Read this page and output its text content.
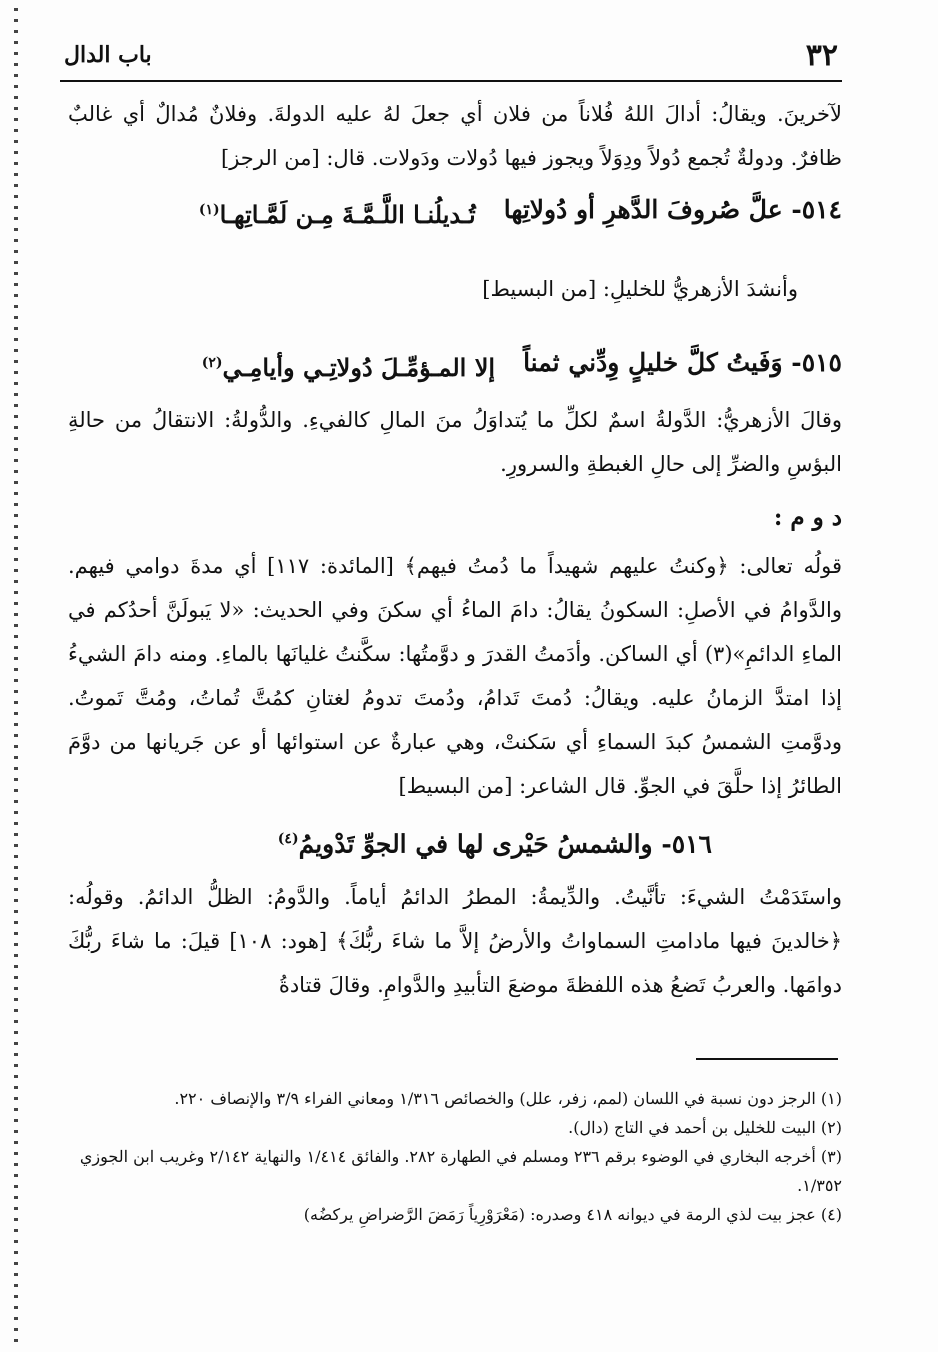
٣٢
باب الدال

لآخرينَ. ويقالُ: أدالَ اللهُ فُلاناً من فلان أي جعلَ لهُ عليه الدولةَ. وفلانٌ مُدالٌ أي غالبٌ ظافرٌ. ودولةٌ تُجمع دُولاً ودِوَلاً ويجوز فيها دُولات ودَولات. قال: [من الرجز]

٥١٤- علَّ صُروفَ الدَّهرِ أو دُولاتِها
تُـديلُنـا اللَّـمَّـةَ مِـن لَمَّـاتِهـا$^{(١)}$

وأنشدَ الأزهريُّ للخليلِ: [من البسيط]

٥١٥- وَفَيتُ كلَّ خليلٍ وِدِّني ثمناً
إلا المـؤمِّـلَ دُولاتِـي وأيامِـي$^{(٢)}$

وقالَ الأزهريُّ: الدَّولةُ اسمٌ لكلِّ ما يُتداوَلُ منَ المالِ كالفيءِ. والدُّولةُ: الانتقالُ من حالةِ البؤسِ والضرِّ إلى حالِ الغبطةِ والسرورِ.

د و م :

قولُه تعالى: ﴿وكنتُ عليهم شهيداً ما دُمتُ فيهم﴾ [المائدة: ١١٧] أي مدةَ دوامي فيهم. والدَّوامُ في الأصلِ: السكونُ يقالُ: دامَ الماءُ أي سكنَ وفي الحديث: «لا يَبولَنَّ أحدُكم في الماءِ الدائمِ»(٣) أي الساكن. وأدَمتُ القدرَ و دوَّمتُها: سكَّنتُ غليانَها بالماءِ. ومنه دامَ الشيءُ إذا امتدَّ الزمانُ عليه. ويقالُ: دُمتَ تَدامُ، ودُمتَ تدومُ لغتانِ كمُتَّ تُماتُ، ومُتَّ تَموتُ. ودوَّمتِ الشمسُ كبدَ السماءِ أي سَكنتْ، وهي عبارةٌ عن استوائها أو عن جَريانها من دوَّمَ الطائرُ إذا حلَّقَ في الجوِّ. قال الشاعر: [من البسيط]

٥١٦- والشمسُ حَيْرى لها في الجوِّ تَدْويمُ$^{(٤)}$

واستَدَمْتُ الشيءَ: تأنَّيتُ. والدِّيمةُ: المطرُ الدائمُ أياماً. والدَّومُ: الظلُّ الدائمُ. وقولُه: ﴿خالدينَ فيها مادامتِ السماواتُ والأرضُ إلاَّ ما شاءَ ربُّكَ﴾ [هود: ١٠٨] قيلَ: ما شاءَ ربُّكَ دوامَها. والعربُ تَضعُ هذه اللفظةَ موضعَ التأبيدِ والدَّوامِ. وقالَ قتادةُ

(١) الرجز دون نسبة في اللسان (لمم، زفر، علل) والخصائص ١/٣١٦ ومعاني الفراء ٣/٩ والإنصاف ٢٢٠.

(٢) البيت للخليل بن أحمد في التاج (دال).

(٣) أخرجه البخاري في الوضوء برقم ٢٣٦ ومسلم في الطهارة ٢٨٢. والفائق ١/٤١٤ والنهاية ٢/١٤٢ وغريب ابن الجوزي ١/٣٥٢.

(٤) عجز بيت لذي الرمة في ديوانه ٤١٨ وصدره: (مَعْرَوْرِياً رَمَضَ الرَّضراضِ يركضُه)
